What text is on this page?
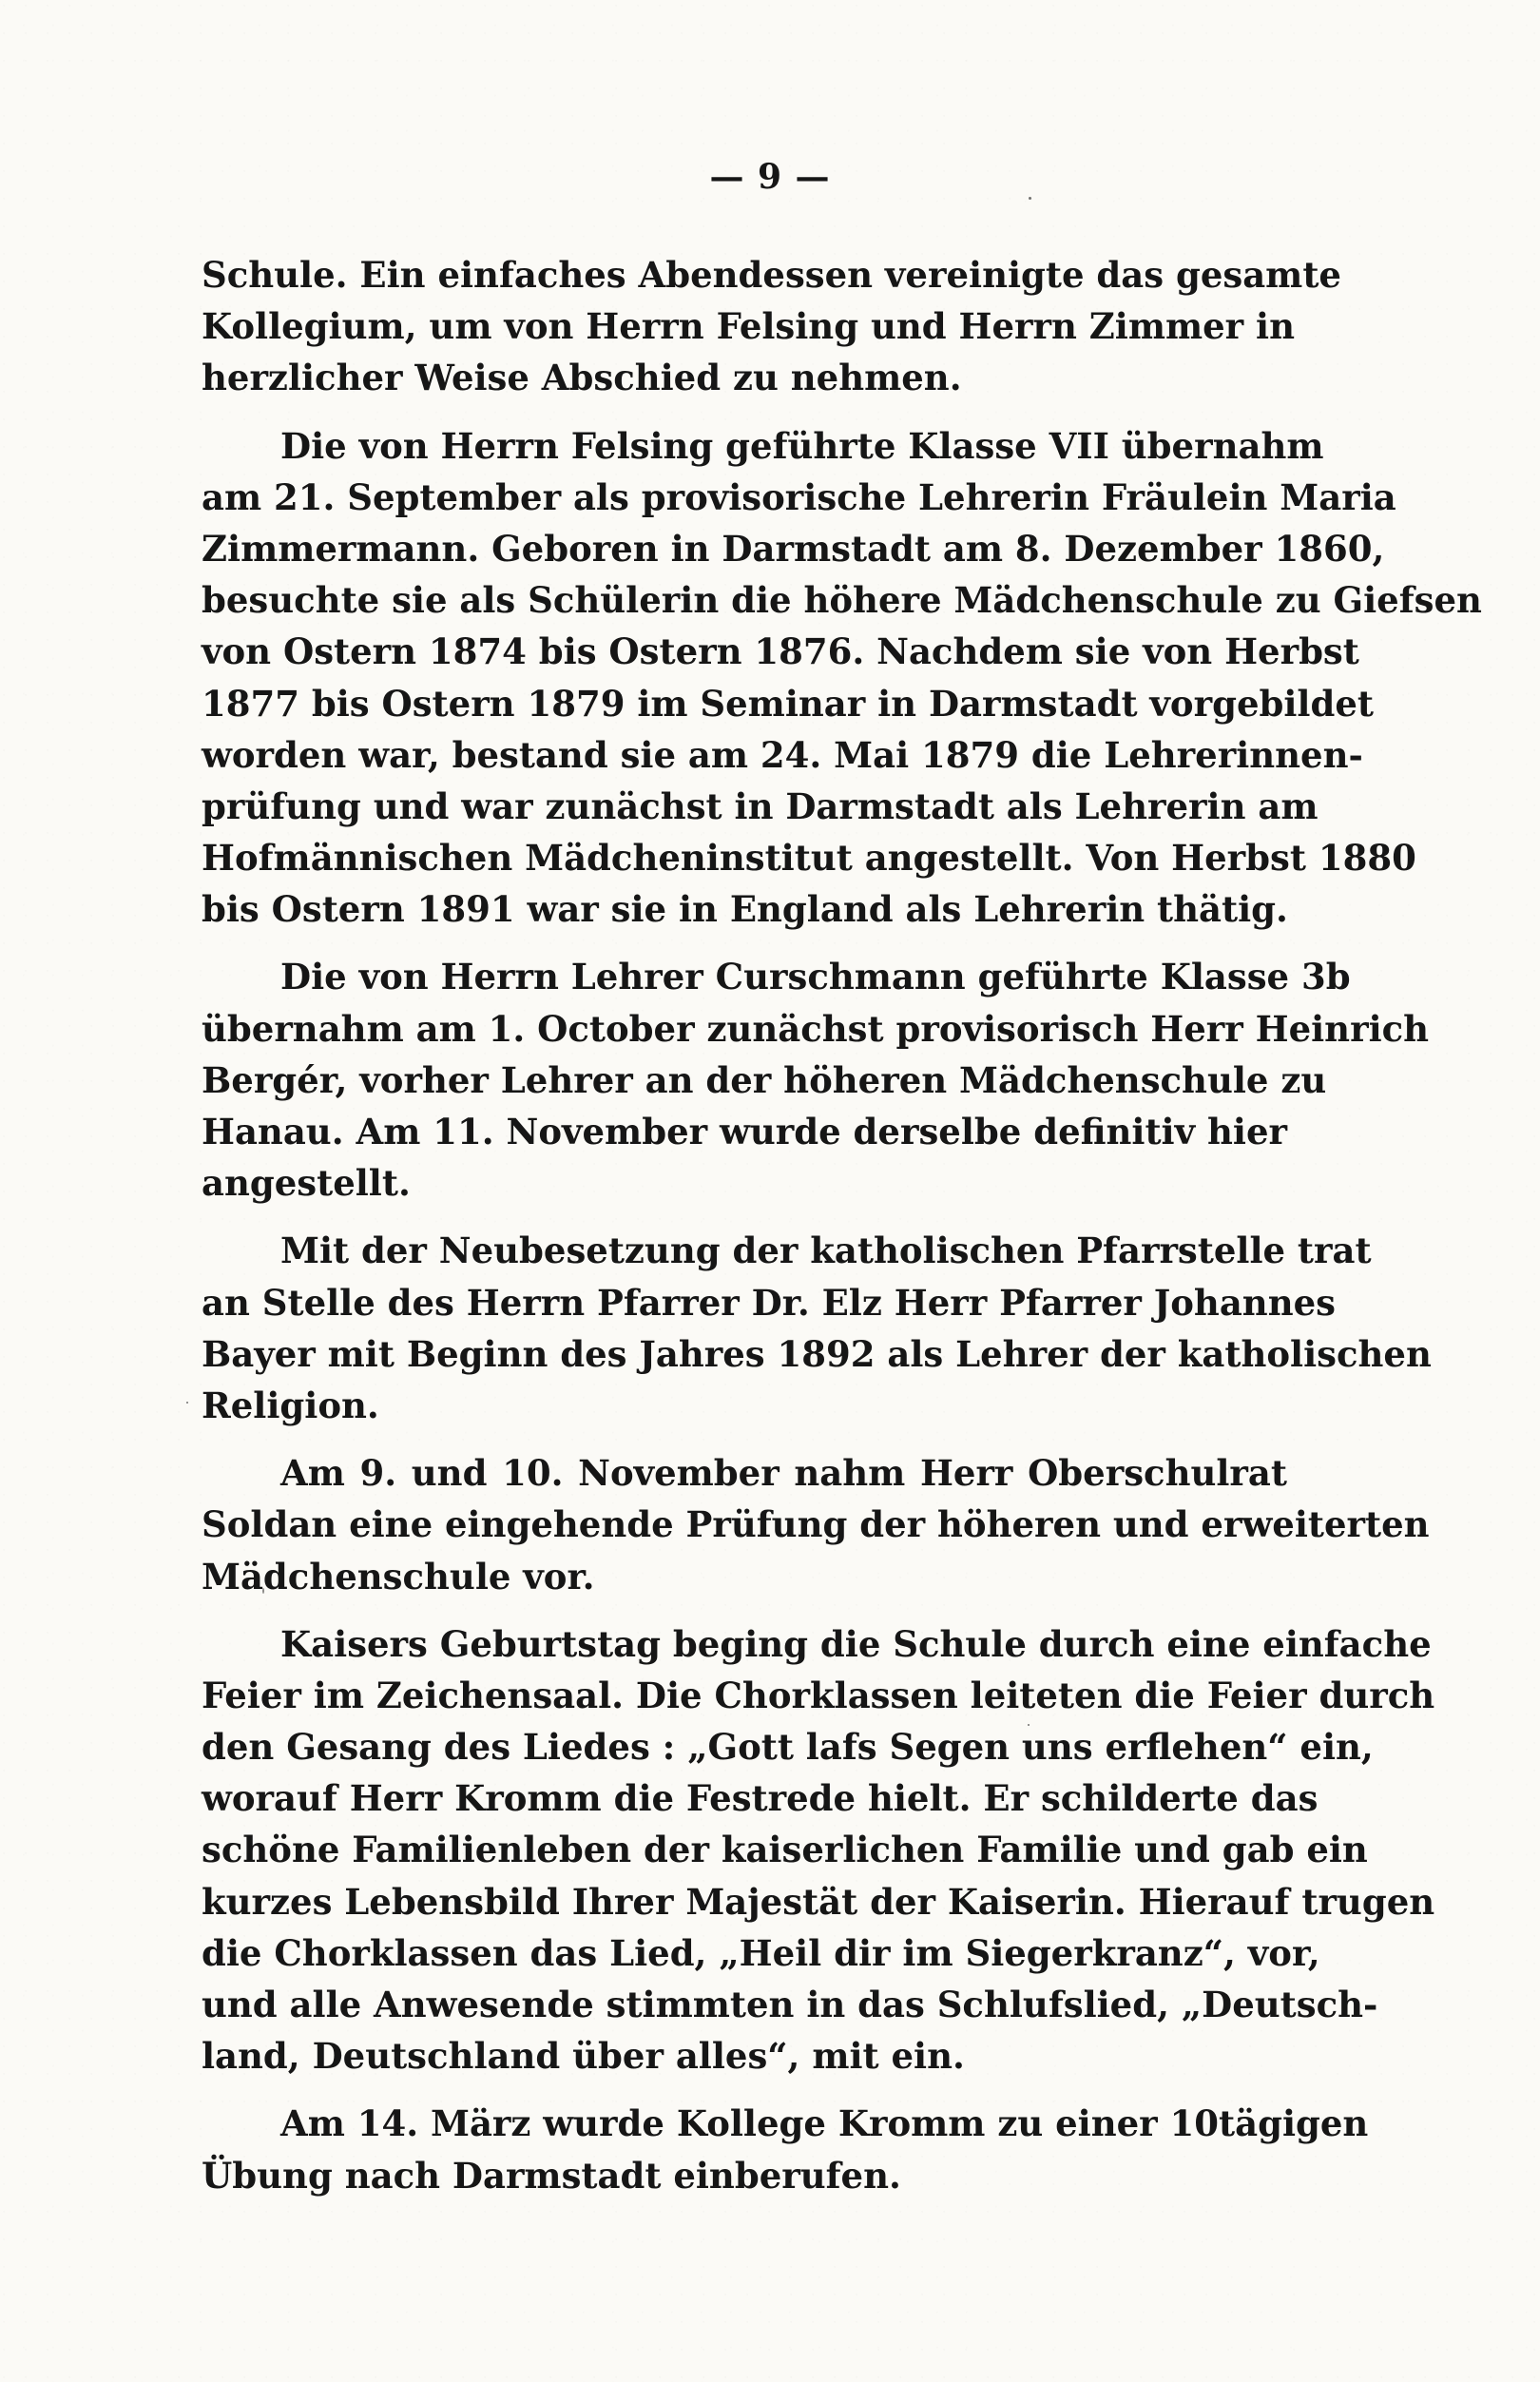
— 9 —
Schule. Ein einfaches Abendessen vereinigte das gesamte
Kollegium, um von Herrn Felsing und Herrn Zimmer in
herzlicher Weise Abschied zu nehmen.
Die von Herrn Felsing geführte Klasse VII übernahm
am 21. September als provisorische Lehrerin Fräulein Maria
Zimmermann. Geboren in Darmstadt am 8. Dezember 1860,
besuchte sie als Schülerin die höhere Mädchenschule zu Giefsen
von Ostern 1874 bis Ostern 1876. Nachdem sie von Herbst
1877 bis Ostern 1879 im Seminar in Darmstadt vorgebildet
worden war, bestand sie am 24. Mai 1879 die Lehrerinnen-
prüfung und war zunächst in Darmstadt als Lehrerin am
Hofmännischen Mädcheninstitut angestellt. Von Herbst 1880
bis Ostern 1891 war sie in England als Lehrerin thätig.
Die von Herrn Lehrer Curschmann geführte Klasse 3b
übernahm am 1. October zunächst provisorisch Herr Heinrich
Bergér, vorher Lehrer an der höheren Mädchenschule zu
Hanau. Am 11. November wurde derselbe definitiv hier
angestellt.
Mit der Neubesetzung der katholischen Pfarrstelle trat
an Stelle des Herrn Pfarrer Dr. Elz Herr Pfarrer Johannes
Bayer mit Beginn des Jahres 1892 als Lehrer der katholischen
Religion.
Am 9. und 10. November nahm Herr Oberschulrat
Soldan eine eingehende Prüfung der höheren und erweiterten
Mädchenschule vor.
Kaisers Geburtstag beging die Schule durch eine einfache
Feier im Zeichensaal. Die Chorklassen leiteten die Feier durch
den Gesang des Liedes : „Gott lafs Segen uns erflehen“ ein,
worauf Herr Kromm die Festrede hielt. Er schilderte das
schöne Familienleben der kaiserlichen Familie und gab ein
kurzes Lebensbild Ihrer Majestät der Kaiserin. Hierauf trugen
die Chorklassen das Lied, „Heil dir im Siegerkranz“, vor,
und alle Anwesende stimmten in das Schlufslied, „Deutsch-
land, Deutschland über alles“, mit ein.
Am 14. März wurde Kollege Kromm zu einer 10tägigen
Übung nach Darmstadt einberufen.
